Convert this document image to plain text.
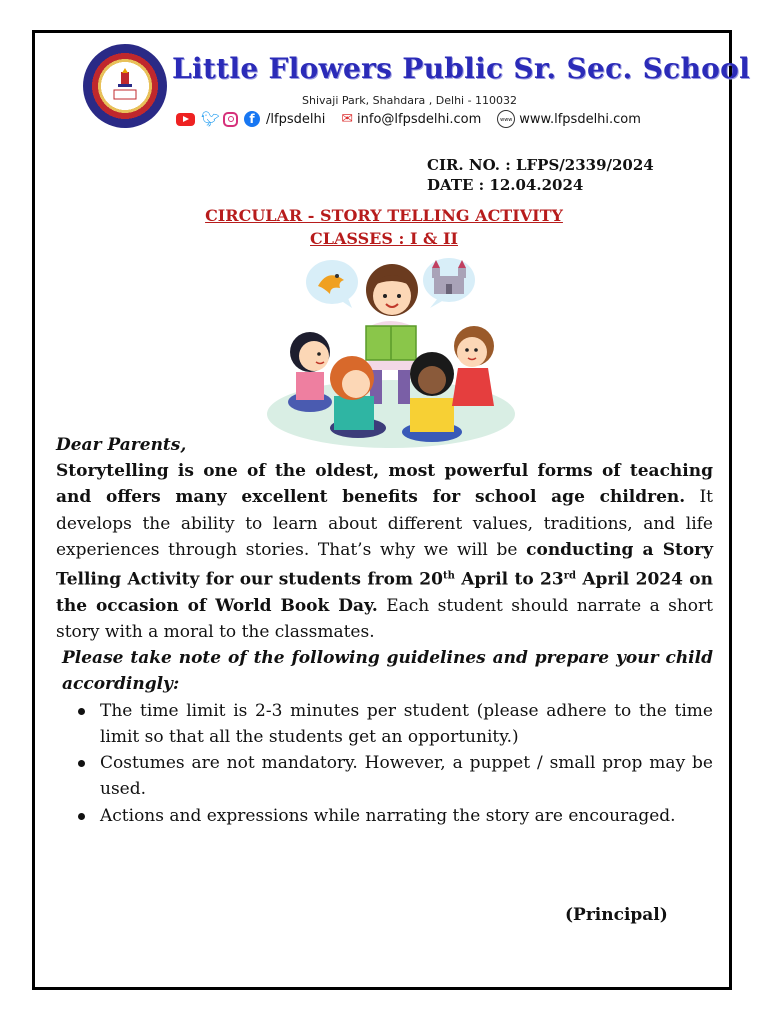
Little Flowers Public Sr. Sec. School
Shivaji Park, Shahdara , Delhi - 110032
🐦︎	f /lfpsdelhi ✉ info@lfpsdelhi.com	www www.lfpsdelhi.com
CIR. NO. : LFPS/2339/2024
DATE : 12.04.2024
CIRCULAR - STORY TELLING ACTIVITY
CLASSES : I & II
Dear Parents,
Storytelling is one of the oldest, most powerful forms of teaching and offers many excellent benefits for school age children. It develops the ability to learn about different values, traditions, and life experiences through stories. That’s why we will be conducting a Story Telling Activity for our students from 20th April to 23rd April 2024 on the occasion of World Book Day. Each student should narrate a short story with a moral to the classmates.
Please take note of the following guidelines and prepare your child accordingly:
The time limit is 2-3 minutes per student (please adhere to the time limit so that all the students get an opportunity.)
Costumes are not mandatory. However, a puppet / small prop may be used.
Actions and expressions while narrating the story are encouraged.
(Principal)
